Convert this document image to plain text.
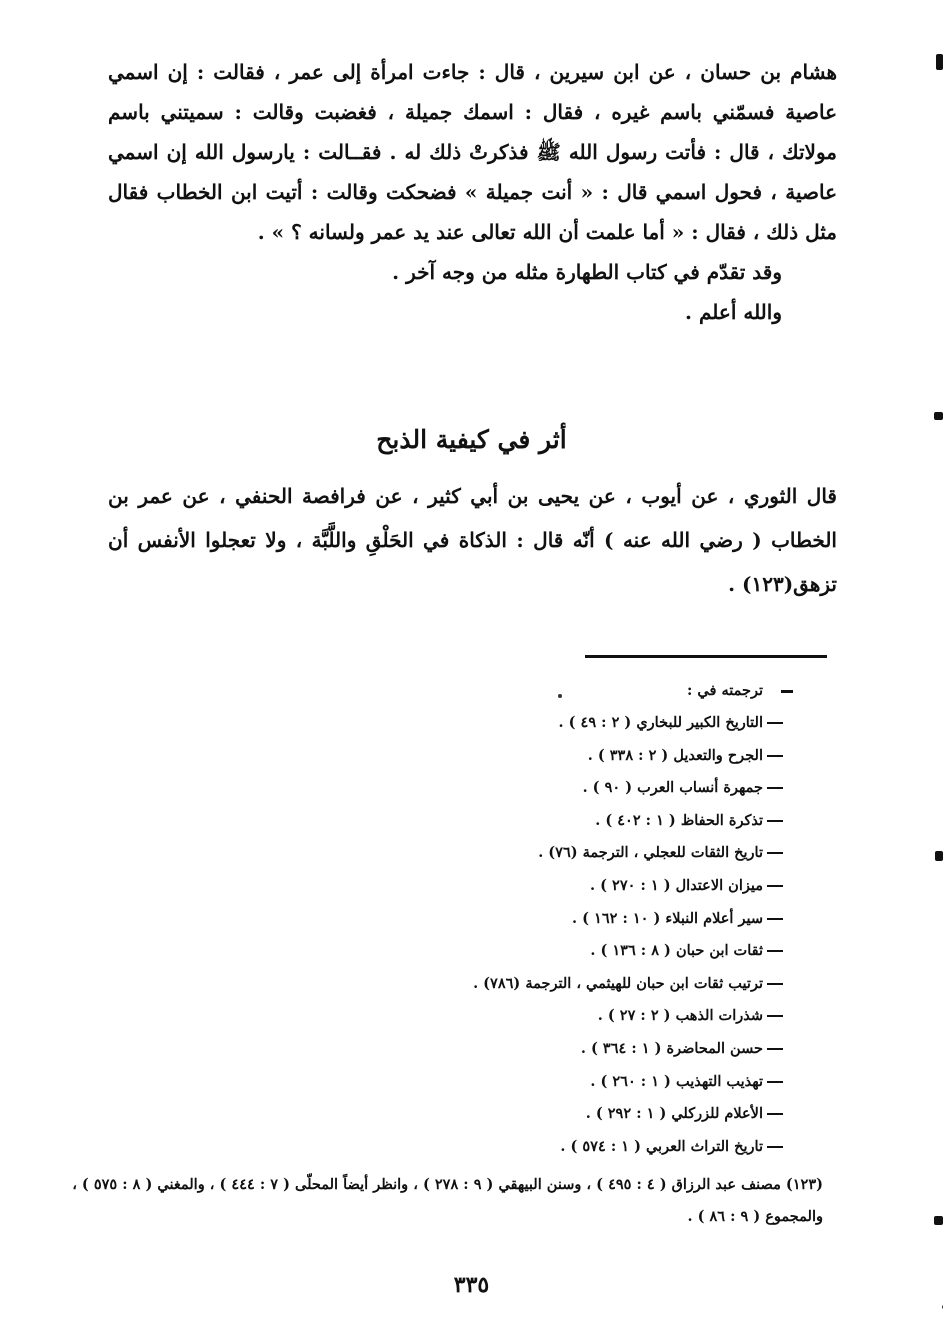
هشام بن حسان ، عن ابن سيرين ، قال : جاءت امرأة إلى عمر ، فقالت : إن اسمي عاصية فسمّني باسم غيره ، فقال : اسمك جميلة ، فغضبت وقالت : سميتني باسم مولاتك ، قال : فأتت رسول الله ﷺ فذكرتْ ذلك له . فقــالت : يارسول الله إن اسمي عاصية ، فحول اسمي قال : « أنت جميلة » فضحكت وقالت : أتيت ابن الخطاب فقال مثل ذلك ، فقال : « أما علمت أن الله تعالى عند يد عمر ولسانه ؟ » .

وقد تقدّم في كتاب الطهارة مثله من وجه آخر .

والله أعلم .

أثر في كيفية الذبح

قال الثوري ، عن أيوب ، عن يحيى بن أبي كثير ، عن فرافصة الحنفي ، عن عمر بن الخطاب ( رضي الله عنه ) أنّه قال : الذكاة في الحَلْقِ واللَّبَّة ، ولا تعجلوا الأنفس أن تزهق(١٢٣) .

ترجمته في :

التاريخ الكبير للبخاري ( ٢ : ٤٩ ) .
الجرح والتعديل ( ٢ : ٣٣٨ ) .
جمهرة أنساب العرب ( ٩٠ ) .
تذكرة الحفاظ ( ١ : ٤٠٢ ) .
تاريخ الثقات للعجلي ، الترجمة (٧٦) .
ميزان الاعتدال ( ١ : ٢٧٠ ) .
سير أعلام النبلاء ( ١٠ : ١٦٢ ) .
ثقات ابن حبان ( ٨ : ١٣٦ ) .
ترتيب ثقات ابن حبان للهيثمي ، الترجمة (٧٨٦) .
شذرات الذهب ( ٢ : ٢٧ ) .
حسن المحاضرة ( ١ : ٣٦٤ ) .
تهذيب التهذيب ( ١ : ٢٦٠ ) .
الأعلام للزركلي ( ١ : ٢٩٢ ) .
تاريخ التراث العربي ( ١ : ٥٧٤ ) .

(١٢٣) مصنف عبد الرزاق ( ٤ : ٤٩٥ ) ، وسنن البيهقي ( ٩ : ٢٧٨ ) ، وانظر أيضاً المحلّى ( ٧ : ٤٤٤ ) ، والمغني ( ٨ : ٥٧٥ ) ، والمجموع ( ٩ : ٨٦ ) .

٣٣٥
